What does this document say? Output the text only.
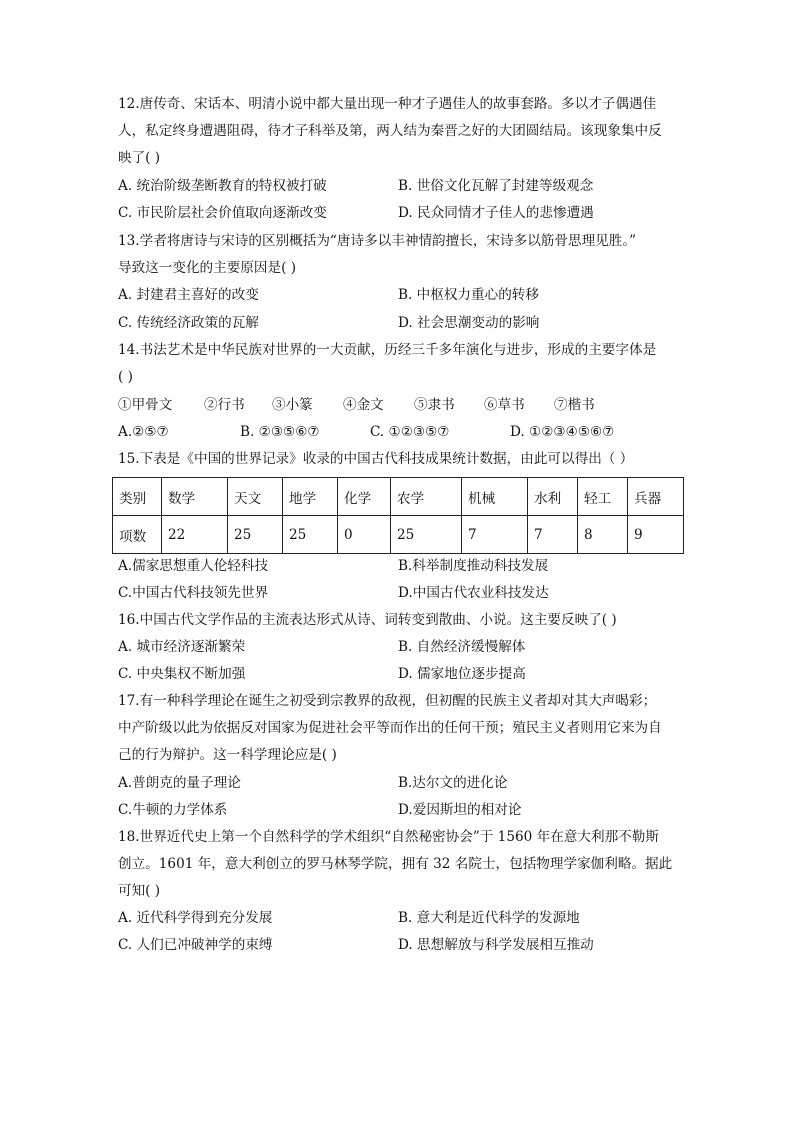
12.唐传奇、宋话本、明清小说中都大量出现一种才子遇佳人的故事套路。多以才子偶遇佳
人，私定终身遭遇阻碍，待才子科举及第，两人结为秦晋之好的大团圆结局。该现象集中反
映了( )
A. 统治阶级垄断教育的特权被打破	B. 世俗文化瓦解了封建等级观念
C. 市民阶层社会价值取向逐渐改变	D. 民众同情才子佳人的悲惨遭遇
13.学者将唐诗与宋诗的区别概括为“唐诗多以丰神情韵擅长，宋诗多以筋骨思理见胜。”
导致这一变化的主要原因是( )
A. 封建君主喜好的改变	B. 中枢权力重心的转移
C. 传统经济政策的瓦解	D. 社会思潮变动的影响
14.书法艺术是中华民族对世界的一大贡献，历经三千多年演化与进步，形成的主要字体是
( )
①甲骨文 ②行书 ③小篆 ④金文 ⑤隶书 ⑥草书 ⑦楷书
A.②⑤⑦	B. ②③⑤⑥⑦	C. ①②③⑤⑦	D. ①②③④⑤⑥⑦
15.下表是《中国的世界记录》收录的中国古代科技成果统计数据，由此可以得出（ ）
类别	数学	天文	地学	化学	农学	机械	水利	轻工	兵器
项数	22	25	25	0	25	7	7	8	9
A.儒家思想重人伦轻科技	B.科举制度推动科技发展
C.中国古代科技领先世界	D.中国古代农业科技发达
16.中国古代文学作品的主流表达形式从诗、词转变到散曲、小说。这主要反映了( )
A. 城市经济逐渐繁荣	B. 自然经济缓慢解体
C. 中央集权不断加强	D. 儒家地位逐步提高
17.有一种科学理论在诞生之初受到宗教界的敌视，但初醒的民族主义者却对其大声喝彩；
中产阶级以此为依据反对国家为促进社会平等而作出的任何干预；殖民主义者则用它来为自
己的行为辩护。这一科学理论应是( )
A.普朗克的量子理论	B.达尔文的进化论
C.牛顿的力学体系	D.爱因斯坦的相对论
18.世界近代史上第一个自然科学的学术组织“自然秘密协会”于 1560 年在意大利那不勒斯
创立。1601 年，意大利创立的罗马林琴学院，拥有 32 名院士，包括物理学家伽利略。据此
可知( )
A. 近代科学得到充分发展	B. 意大利是近代科学的发源地
C. 人们已冲破神学的束缚	D. 思想解放与科学发展相互推动
